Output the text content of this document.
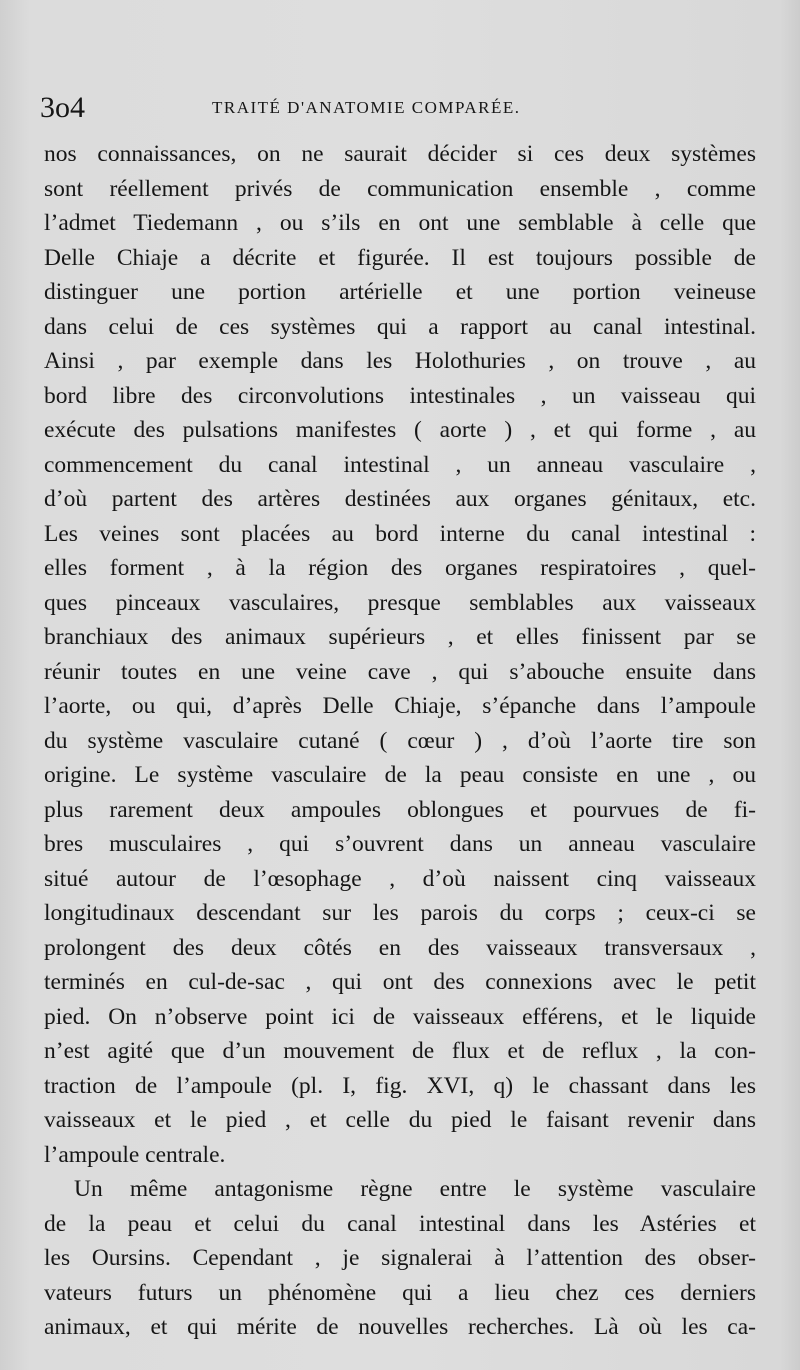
3o4	TRAITÉ D'ANATOMIE COMPARÉE.
nos connaissances, on ne saurait décider si ces deux systèmes
sont réellement privés de communication ensemble , comme
l’admet Tiedemann , ou s’ils en ont une semblable à celle que
Delle Chiaje a décrite et figurée. Il est toujours possible de
distinguer une portion artérielle et une portion veineuse
dans celui de ces systèmes qui a rapport au canal intestinal.
Ainsi , par exemple dans les Holothuries , on trouve , au
bord libre des circonvolutions intestinales , un vaisseau qui
exécute des pulsations manifestes ( aorte ) , et qui forme , au
commencement du canal intestinal , un anneau vasculaire ,
d’où partent des artères destinées aux organes génitaux, etc.
Les veines sont placées au bord interne du canal intestinal :
elles forment , à la région des organes respiratoires , quel-
ques pinceaux vasculaires, presque semblables aux vaisseaux
branchiaux des animaux supérieurs , et elles finissent par se
réunir toutes en une veine cave , qui s’abouche ensuite dans
l’aorte, ou qui, d’après Delle Chiaje, s’épanche dans l’ampoule
du système vasculaire cutané ( cœur ) , d’où l’aorte tire son
origine. Le système vasculaire de la peau consiste en une , ou
plus rarement deux ampoules oblongues et pourvues de fi-
bres musculaires , qui s’ouvrent dans un anneau vasculaire
situé autour de l’œsophage , d’où naissent cinq vaisseaux
longitudinaux descendant sur les parois du corps ; ceux-ci se
prolongent des deux côtés en des vaisseaux transversaux ,
terminés en cul-de-sac , qui ont des connexions avec le petit
pied. On n’observe point ici de vaisseaux efférens, et le liquide
n’est agité que d’un mouvement de flux et de reflux , la con-
traction de l’ampoule (pl. I, fig. XVI, q) le chassant dans les
vaisseaux et le pied , et celle du pied le faisant revenir dans
l’ampoule centrale.
Un même antagonisme règne entre le système vasculaire
de la peau et celui du canal intestinal dans les Astéries et
les Oursins. Cependant , je signalerai à l’attention des obser-
vateurs futurs un phénomène qui a lieu chez ces derniers
animaux, et qui mérite de nouvelles recherches. Là où les ca-
